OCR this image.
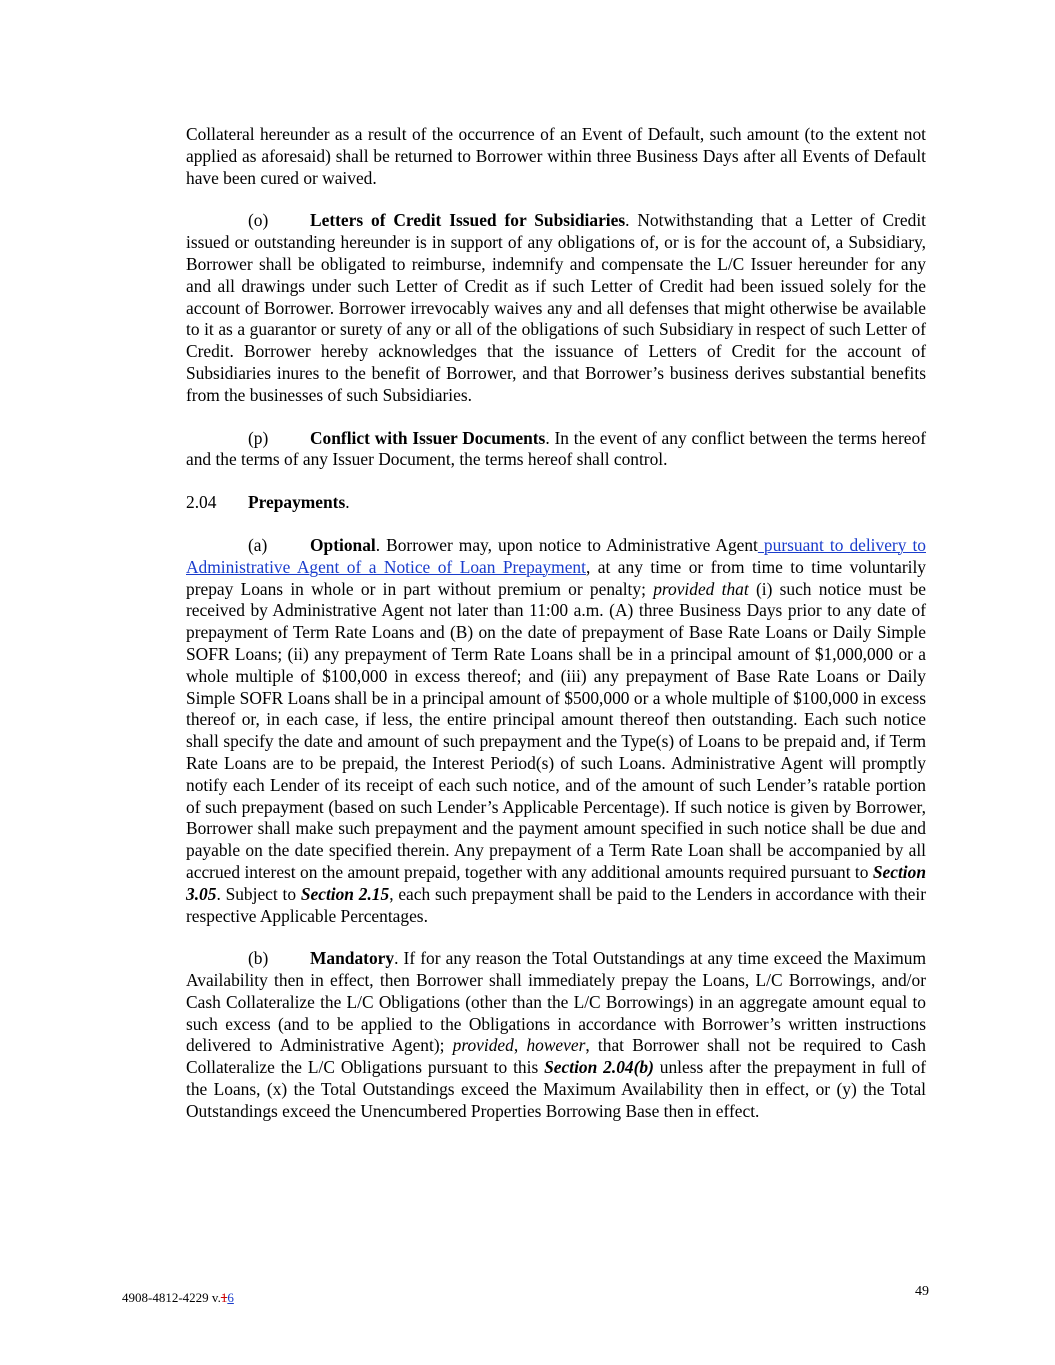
Collateral hereunder as a result of the occurrence of an Event of Default, such amount (to the extent not applied as aforesaid) shall be returned to Borrower within three Business Days after all Events of Default have been cured or waived.

(o) Letters of Credit Issued for Subsidiaries. Notwithstanding that a Letter of Credit issued or outstanding hereunder is in support of any obligations of, or is for the account of, a Subsidiary, Borrower shall be obligated to reimburse, indemnify and compensate the L/C Issuer hereunder for any and all drawings under such Letter of Credit as if such Letter of Credit had been issued solely for the account of Borrower. Borrower irrevocably waives any and all defenses that might otherwise be available to it as a guarantor or surety of any or all of the obligations of such Subsidiary in respect of such Letter of Credit. Borrower hereby acknowledges that the issuance of Letters of Credit for the account of Subsidiaries inures to the benefit of Borrower, and that Borrower’s business derives substantial benefits from the businesses of such Subsidiaries.

(p) Conflict with Issuer Documents. In the event of any conflict between the terms hereof and the terms of any Issuer Document, the terms hereof shall control.

2.04 Prepayments.

(a) Optional. Borrower may, upon notice to Administrative Agent pursuant to delivery to Administrative Agent of a Notice of Loan Prepayment, at any time or from time to time voluntarily prepay Loans in whole or in part without premium or penalty; provided that (i) such notice must be received by Administrative Agent not later than 11:00 a.m. (A) three Business Days prior to any date of prepayment of Term Rate Loans and (B) on the date of prepayment of Base Rate Loans or Daily Simple SOFR Loans; (ii) any prepayment of Term Rate Loans shall be in a principal amount of $1,000,000 or a whole multiple of $100,000 in excess thereof; and (iii) any prepayment of Base Rate Loans or Daily Simple SOFR Loans shall be in a principal amount of $500,000 or a whole multiple of $100,000 in excess thereof or, in each case, if less, the entire principal amount thereof then outstanding. Each such notice shall specify the date and amount of such prepayment and the Type(s) of Loans to be prepaid and, if Term Rate Loans are to be prepaid, the Interest Period(s) of such Loans. Administrative Agent will promptly notify each Lender of its receipt of each such notice, and of the amount of such Lender’s ratable portion of such prepayment (based on such Lender’s Applicable Percentage). If such notice is given by Borrower, Borrower shall make such prepayment and the payment amount specified in such notice shall be due and payable on the date specified therein. Any prepayment of a Term Rate Loan shall be accompanied by all accrued interest on the amount prepaid, together with any additional amounts required pursuant to Section 3.05. Subject to Section 2.15, each such prepayment shall be paid to the Lenders in accordance with their respective Applicable Percentages.

(b) Mandatory. If for any reason the Total Outstandings at any time exceed the Maximum Availability then in effect, then Borrower shall immediately prepay the Loans, L/C Borrowings, and/or Cash Collateralize the L/C Obligations (other than the L/C Borrowings) in an aggregate amount equal to such excess (and to be applied to the Obligations in accordance with Borrower’s written instructions delivered to Administrative Agent); provided, however, that Borrower shall not be required to Cash Collateralize the L/C Obligations pursuant to this Section 2.04(b) unless after the prepayment in full of the Loans, (x) the Total Outstandings exceed the Maximum Availability then in effect, or (y) the Total Outstandings exceed the Unencumbered Properties Borrowing Base then in effect.

4908-4812-4229 v.16	49
